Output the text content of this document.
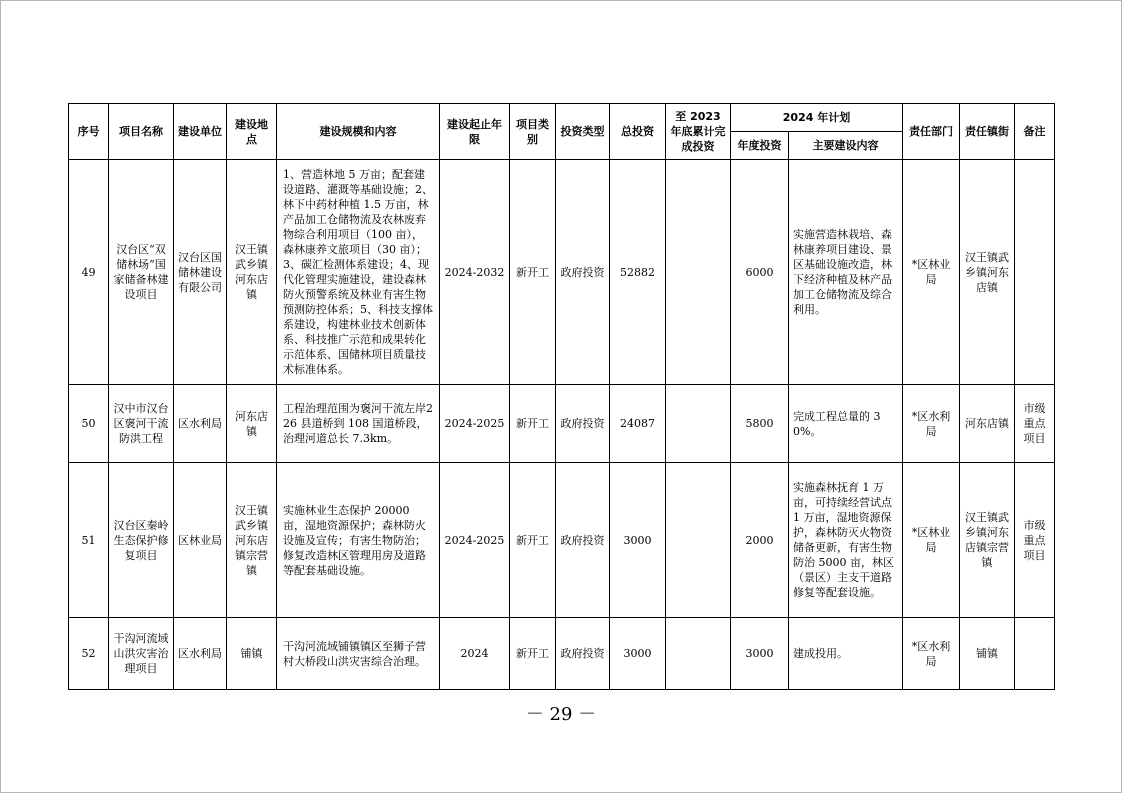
序号	项目名称	建设单位	建设地点	建设规模和内容	建设起止年限	项目类别	投资类型	总投资	至 2023 年底累计完成投资	2024 年计划		责任部门	责任镇街	备注
										年度投资	主要建设内容			
49	汉台区“双储林场”国家储备林建设项目	汉台区国储林建设有限公司	汉王镇武乡镇河东店镇	1、营造林地 5 万亩；配套建设道路、灌溉等基础设施；2、林下中药材种植 1.5 万亩，林产品加工仓储物流及农林废弃物综合利用项目（100 亩），森林康养文旅项目（30 亩）；3、碳汇检测体系建设；4、现代化管理实施建设，建设森林防火预警系统及林业有害生物预测防控体系；5、科技支撑体系建设，构建林业技术创新体系、科技推广示范和成果转化示范体系、国储林项目质量技术标准体系。	2024-2032	新开工	政府投资	52882		6000	实施营造林栽培、森林康养项目建设、景区基础设施改造，林下经济种植及林产品加工仓储物流及综合利用。	*区林业局	汉王镇武乡镇河东店镇	
50	汉中市汉台区褒河干流防洪工程	区水利局	河东店镇	工程治理范围为褒河干流左岸226 县道桥到 108 国道桥段，治理河道总长 7.3km。	2024-2025	新开工	政府投资	24087		5800	完成工程总量的 30%。	*区水利局	河东店镇	市级重点项目
51	汉台区秦岭生态保护修复项目	区林业局	汉王镇武乡镇河东店镇宗营镇	实施林业生态保护 20000 亩，湿地资源保护；森林防火设施及宣传；有害生物防治；修复改造林区管理用房及道路等配套基础设施。	2024-2025	新开工	政府投资	3000		2000	实施森林抚育 1 万亩，可持续经营试点 1 万亩，湿地资源保护，森林防灭火物资储备更新，有害生物防治 5000 亩，林区（景区）主支干道路修复等配套设施。	*区林业局	汉王镇武乡镇河东店镇宗营镇	市级重点项目
52	干沟河流域山洪灾害治理项目	区水利局	铺镇	干沟河流域铺镇镇区至狮子营村大桥段山洪灾害综合治理。	2024	新开工	政府投资	3000		3000	建成投用。	*区水利局	铺镇	
－ 29 －
